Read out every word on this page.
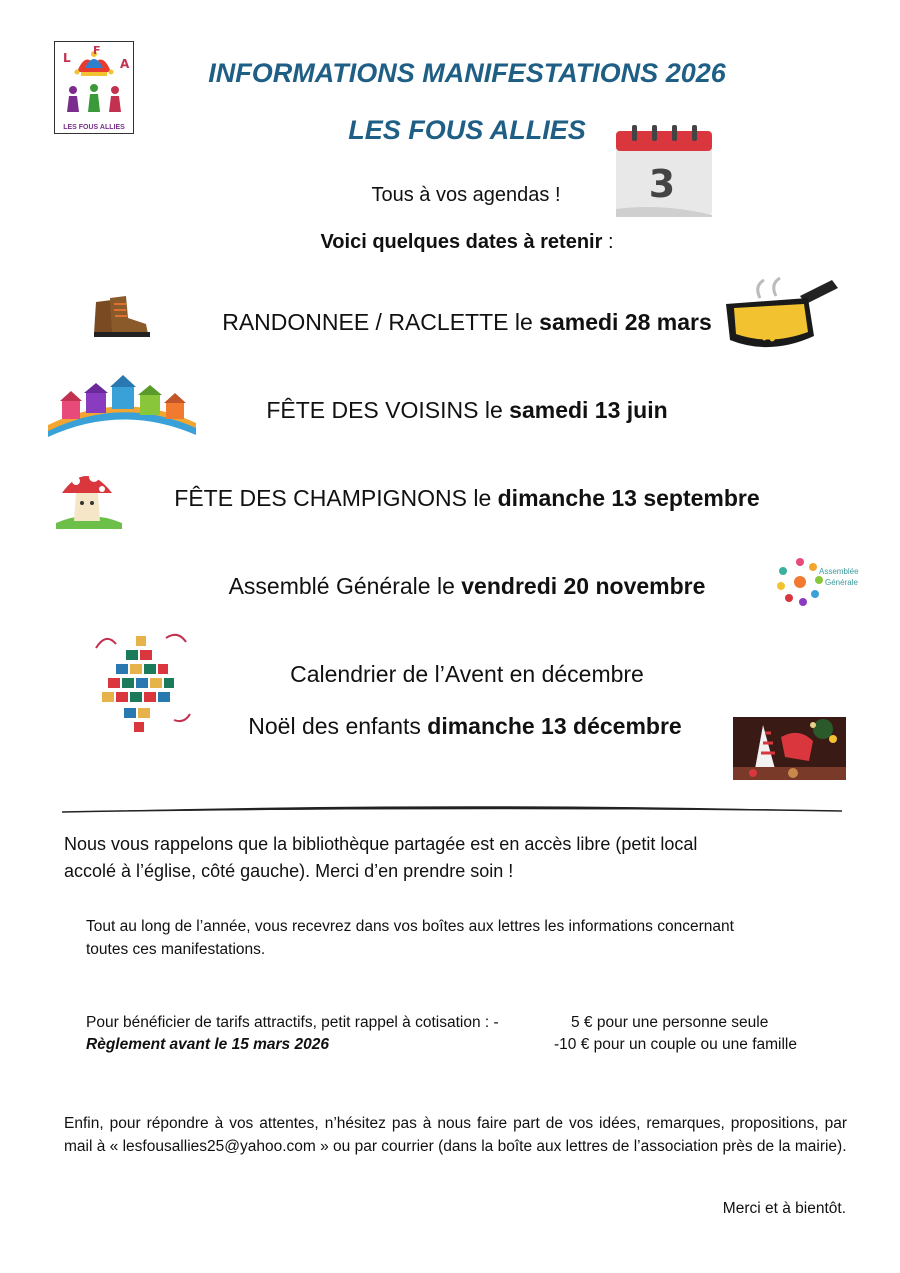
L
F
A
LES FOUS ALLIES
INFORMATIONS MANIFESTATIONS 2026
LES FOUS ALLIES
3
Tous à vos agendas !
Voici quelques dates à retenir :
RANDONNEE / RACLETTE le samedi 28 mars
FÊTE DES VOISINS le samedi 13 juin
FÊTE DES CHAMPIGNONS le dimanche 13 septembre
Assemblé Générale le vendredi 20 novembre
Assemblée
Générale
Calendrier de l’Avent en décembre
Noël des enfants dimanche 13 décembre
Nous vous rappelons que la bibliothèque partagée est en accès libre (petit local
accolé à l’église, côté gauche). Merci d’en prendre soin !
Tout au long de l’année, vous recevrez dans vos boîtes aux lettres les informations concernant
toutes ces manifestations.
Pour bénéficier de tarifs attractifs, petit rappel à cotisation : -	5 € pour une personne seule
Règlement avant le 15 mars 2026	-10 € pour un couple ou une famille
Enfin, pour répondre à vos attentes, n’hésitez pas à nous faire part de vos idées, remarques, propositions, par mail à « lesfousallies25@yahoo.com » ou par courrier (dans la boîte aux lettres de l’association près de la mairie).
Merci et à bientôt.
